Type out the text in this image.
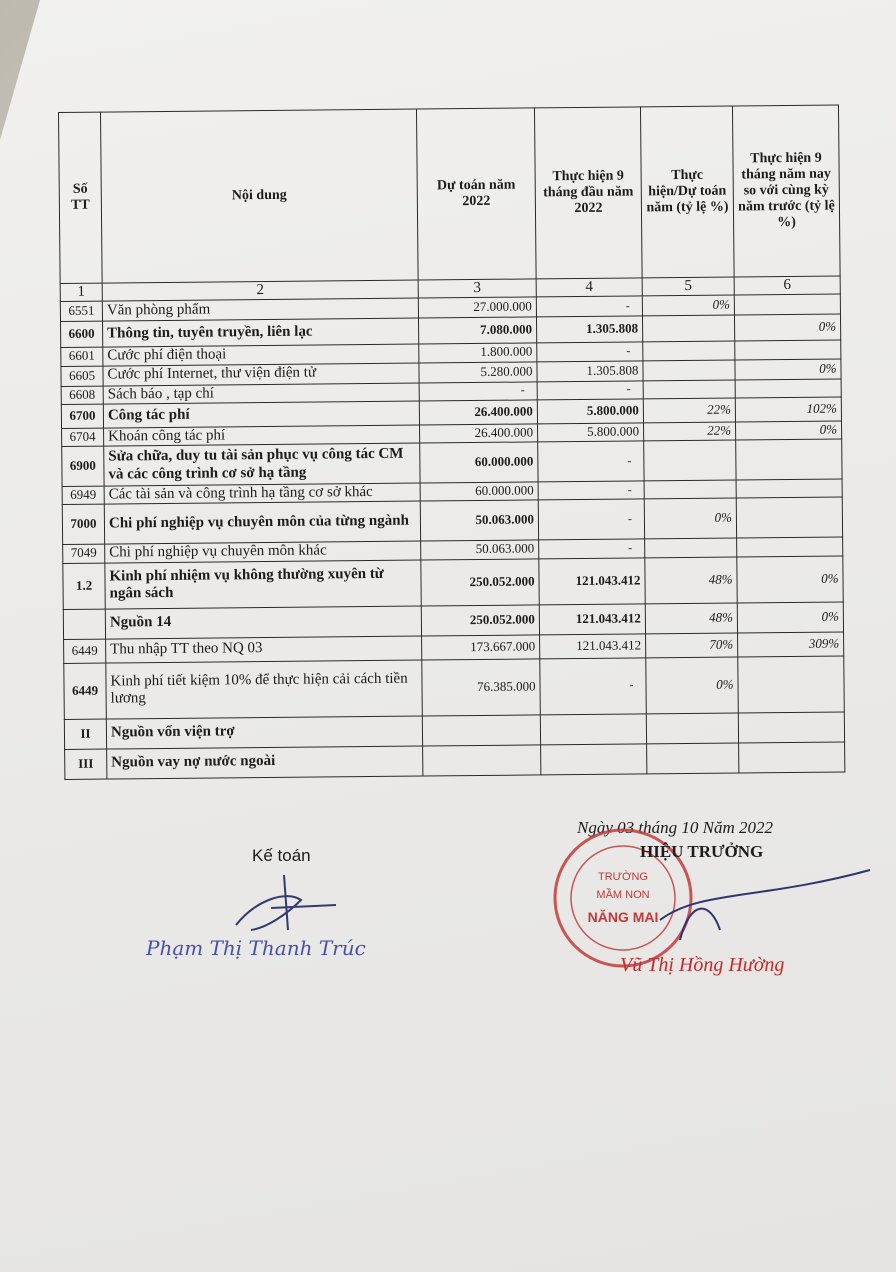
Số TT	Nội dung	Dự toán năm 2022	Thực hiện 9 tháng đầu năm 2022	Thực hiện/Dự toán năm (tỷ lệ %)	Thực hiện 9 tháng năm nay so với cùng kỳ năm trước (tỷ lệ %)
1	2	3	4	5	6
6551	Văn phòng phẩm	27.000.000	-	0%	
6600	Thông tin, tuyên truyền, liên lạc	7.080.000	1.305.808		0%
6601	Cước phí điện thoại	1.800.000	-		
6605	Cước phí Internet, thư viện điện tử	5.280.000	1.305.808		0%
6608	Sách báo , tạp chí	-	-		
6700	Công tác phí	26.400.000	5.800.000	22%	102%
6704	Khoán công tác phí	26.400.000	5.800.000	22%	0%
6900	Sửa chữa, duy tu tài sản phục vụ công tác CM và các công trình cơ sở hạ tầng	60.000.000	-		
6949	Các tài sản và công trình hạ tầng cơ sở khác	60.000.000	-		
7000	Chi phí nghiệp vụ chuyên môn của từng ngành	50.063.000	-	0%	
7049	Chi phí nghiệp vụ chuyên môn khác	50.063.000	-		
1.2	Kinh phí nhiệm vụ không thường xuyên từ ngân sách	250.052.000	121.043.412	48%	0%
	Nguồn 14	250.052.000	121.043.412	48%	0%
6449	Thu nhập TT theo NQ 03	173.667.000	121.043.412	70%	309%
6449	Kinh phí tiết kiệm 10% để thực hiện cải cách tiền lương	76.385.000	-	0%	
II	Nguồn vốn viện trợ				
III	Nguồn vay nợ nước ngoài				
Ngày 03 tháng 10 Năm 2022
Kế toán
Phạm Thị Thanh Trúc
TRƯỜNG
MẦM NON
NĂNG MAI
HIỆU TRƯỞNG
Vũ Thị Hồng Hường
